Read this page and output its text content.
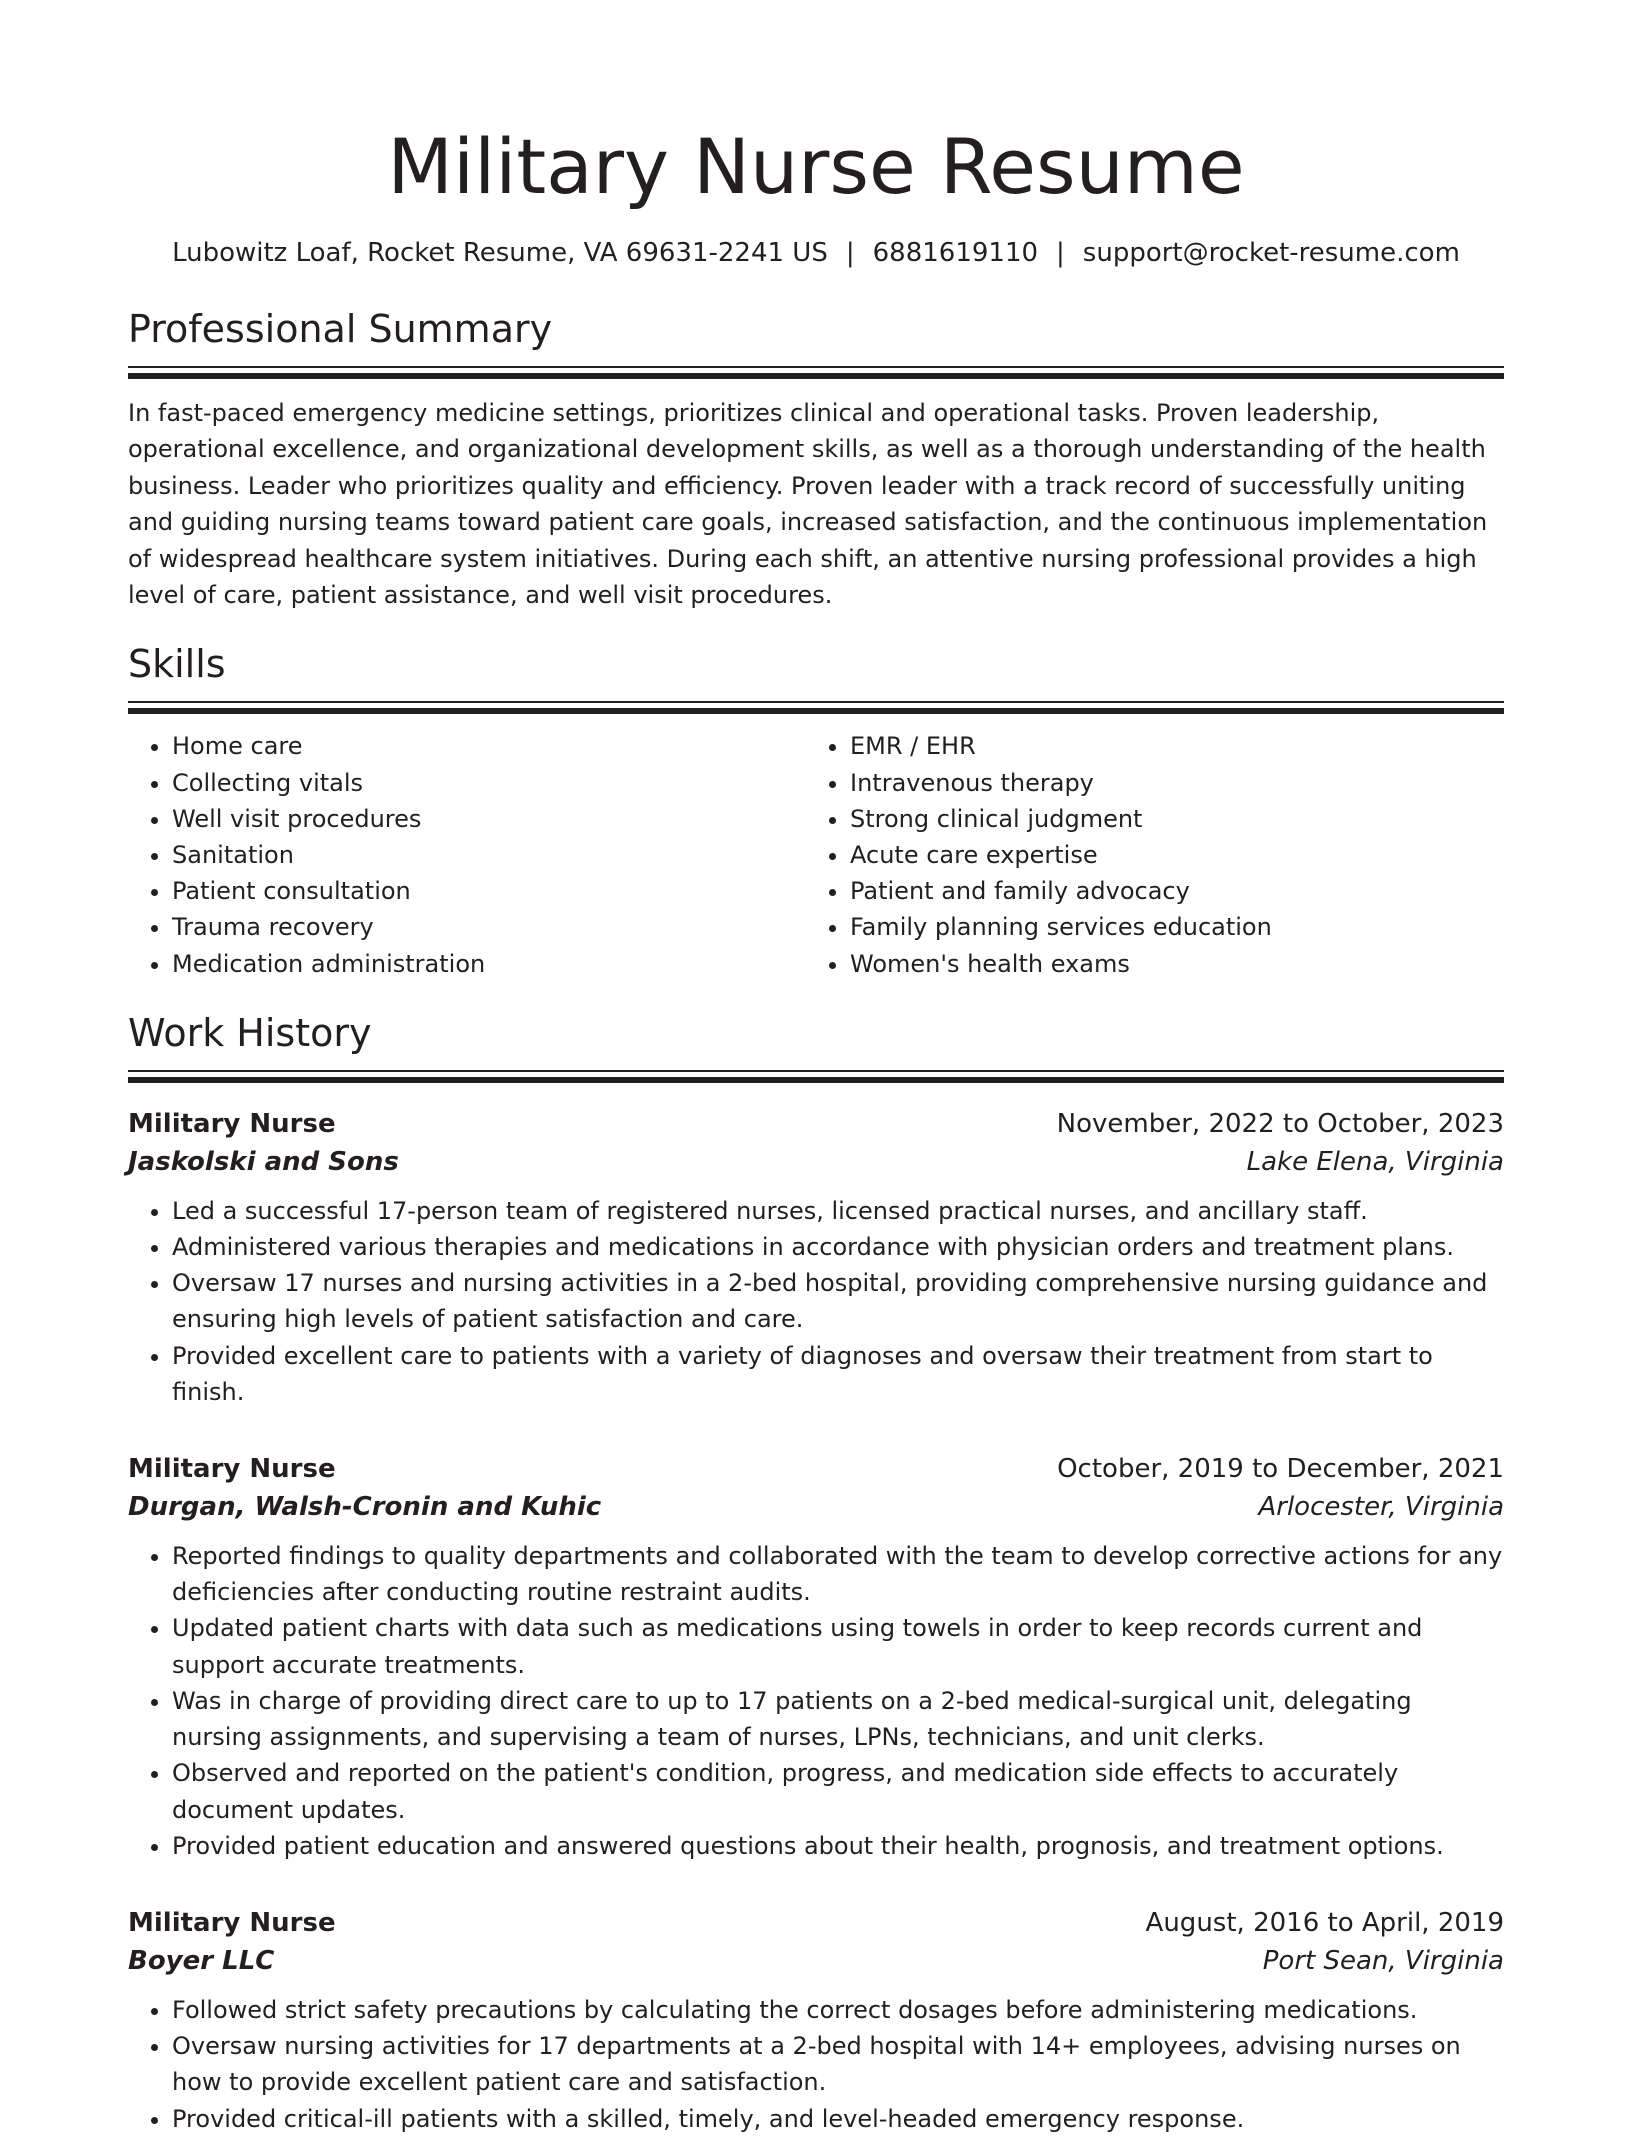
Military Nurse Resume
Lubowitz Loaf, Rocket Resume, VA 69631-2241 US | 6881619110 | support@rocket-resume.com
Professional Summary

In fast-paced emergency medicine settings, prioritizes clinical and operational tasks. Proven leadership, operational excellence, and organizational development skills, as well as a thorough understanding of the health business. Leader who prioritizes quality and efficiency. Proven leader with a track record of successfully uniting and guiding nursing teams toward patient care goals, increased satisfaction, and the continuous implementation of widespread healthcare system initiatives. During each shift, an attentive nursing professional provides a high level of care, patient assistance, and well visit procedures.

Skills
• Home care
• Collecting vitals
• Well visit procedures
• Sanitation
• Patient consultation
• Trauma recovery
• Medication administration
• EMR / EHR
• Intravenous therapy
• Strong clinical judgment
• Acute care expertise
• Patient and family advocacy
• Family planning services education
• Women's health exams
Work History
Military Nurse	November, 2022 to October, 2023
Jaskolski and Sons	Lake Elena, Virginia
• Led a successful 17-person team of registered nurses, licensed practical nurses, and ancillary staff.
• Administered various therapies and medications in accordance with physician orders and treatment plans.
• Oversaw 17 nurses and nursing activities in a 2-bed hospital, providing comprehensive nursing guidance and ensuring high levels of patient satisfaction and care.
• Provided excellent care to patients with a variety of diagnoses and oversaw their treatment from start to finish.
Military Nurse	October, 2019 to December, 2021
Durgan, Walsh-Cronin and Kuhic	Arlocester, Virginia
• Reported findings to quality departments and collaborated with the team to develop corrective actions for any deficiencies after conducting routine restraint audits.
• Updated patient charts with data such as medications using towels in order to keep records current and support accurate treatments.
• Was in charge of providing direct care to up to 17 patients on a 2-bed medical-surgical unit, delegating nursing assignments, and supervising a team of nurses, LPNs, technicians, and unit clerks.
• Observed and reported on the patient's condition, progress, and medication side effects to accurately document updates.
• Provided patient education and answered questions about their health, prognosis, and treatment options.
Military Nurse	August, 2016 to April, 2019
Boyer LLC	Port Sean, Virginia
• Followed strict safety precautions by calculating the correct dosages before administering medications.
• Oversaw nursing activities for 17 departments at a 2-bed hospital with 14+ employees, advising nurses on how to provide excellent patient care and satisfaction.
• Provided critical-ill patients with a skilled, timely, and level-headed emergency response.
